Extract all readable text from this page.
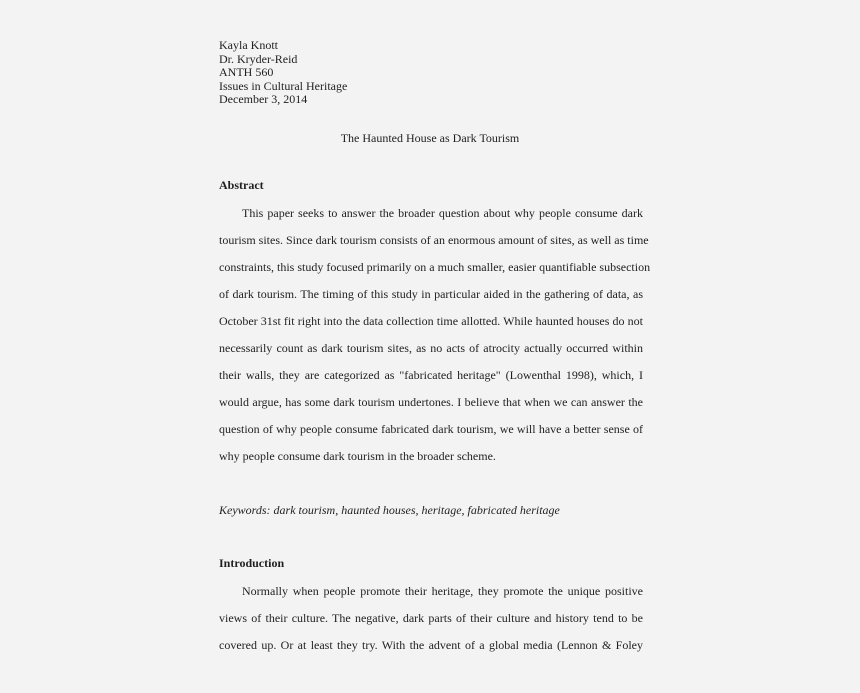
Kayla Knott
Dr. Kryder-Reid
ANTH 560
Issues in Cultural Heritage
December 3, 2014
The Haunted House as Dark Tourism
Abstract
This paper seeks to answer the broader question about why people consume dark
tourism sites. Since dark tourism consists of an enormous amount of sites, as well as time
constraints, this study focused primarily on a much smaller, easier quantifiable subsection
of dark tourism. The timing of this study in particular aided in the gathering of data, as
October 31st fit right into the data collection time allotted. While haunted houses do not
necessarily count as dark tourism sites, as no acts of atrocity actually occurred within
their walls, they are categorized as "fabricated heritage" (Lowenthal 1998), which, I
would argue, has some dark tourism undertones. I believe that when we can answer the
question of why people consume fabricated dark tourism, we will have a better sense of
why people consume dark tourism in the broader scheme.
Keywords: dark tourism, haunted houses, heritage, fabricated heritage
Introduction
Normally when people promote their heritage, they promote the unique positive
views of their culture. The negative, dark parts of their culture and history tend to be
covered up. Or at least they try. With the advent of a global media (Lennon & Foley
